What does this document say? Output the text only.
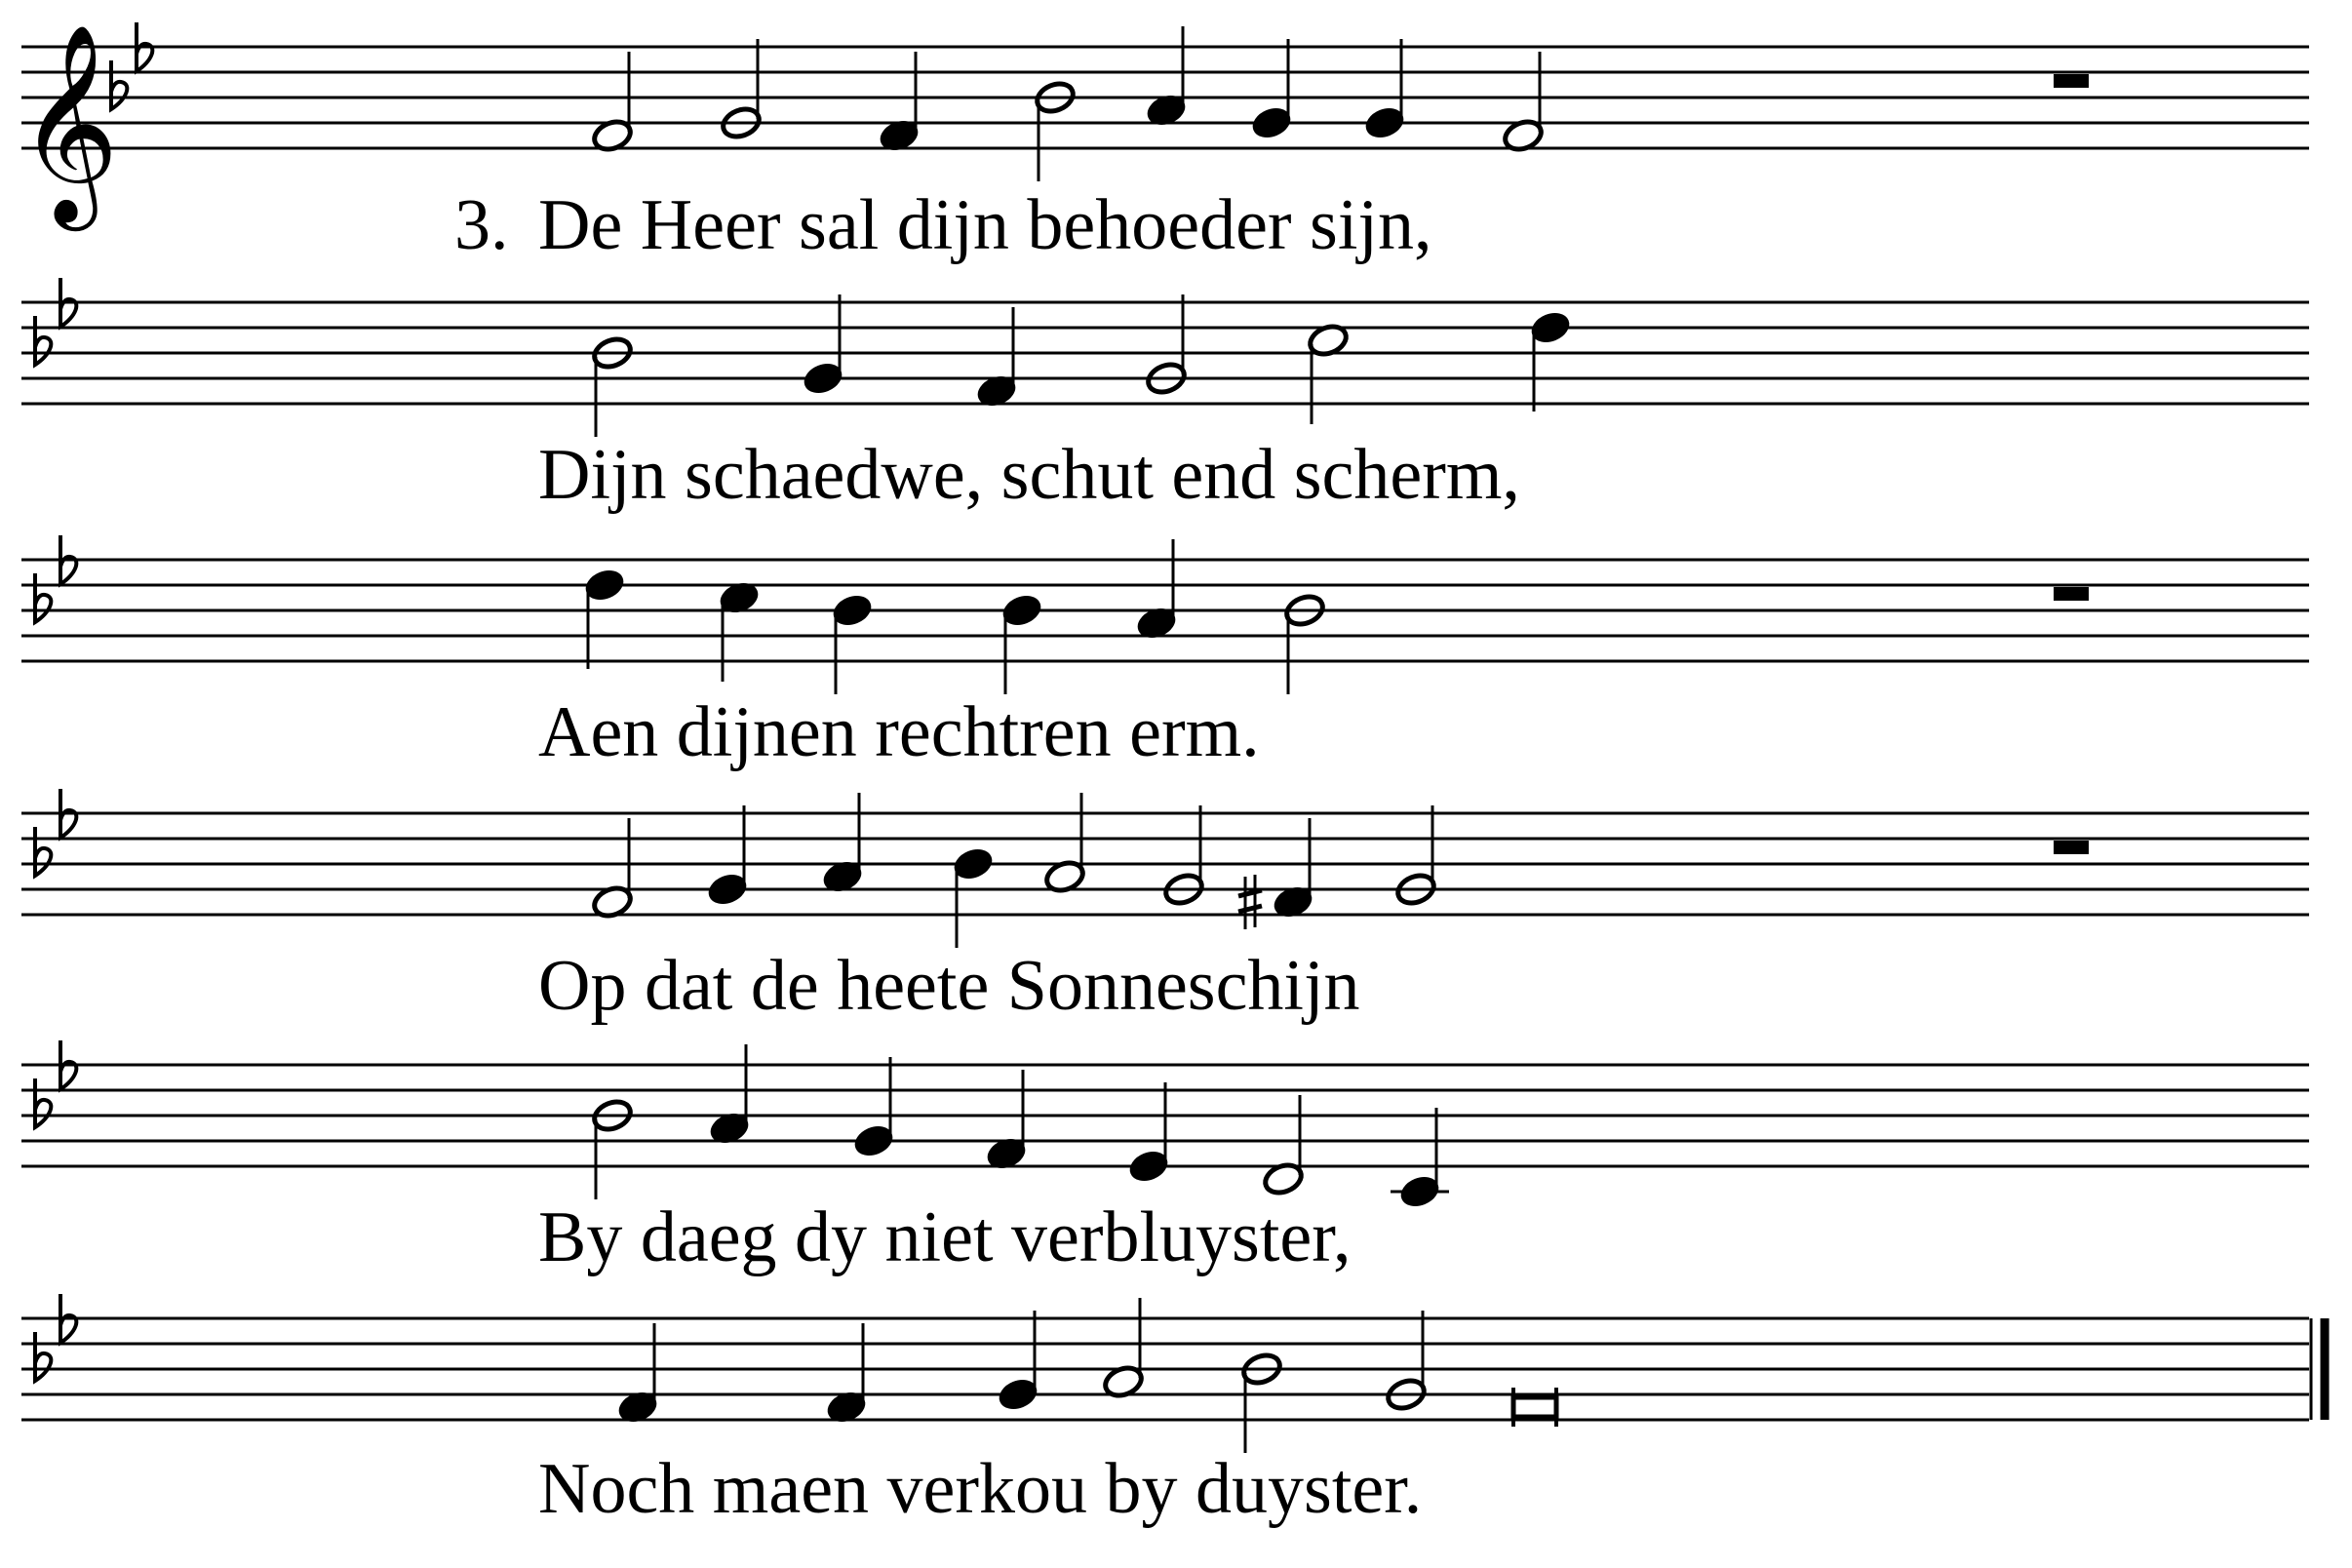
𝄞
3. De Heer sal dijn behoeder sijn,
Dijn schaedwe, schut end scherm,
Aen dijnen rechtren erm.
Op dat de heete Sonneschijn
By daeg dy niet verbluyster,
Noch maen verkou by duyster.
